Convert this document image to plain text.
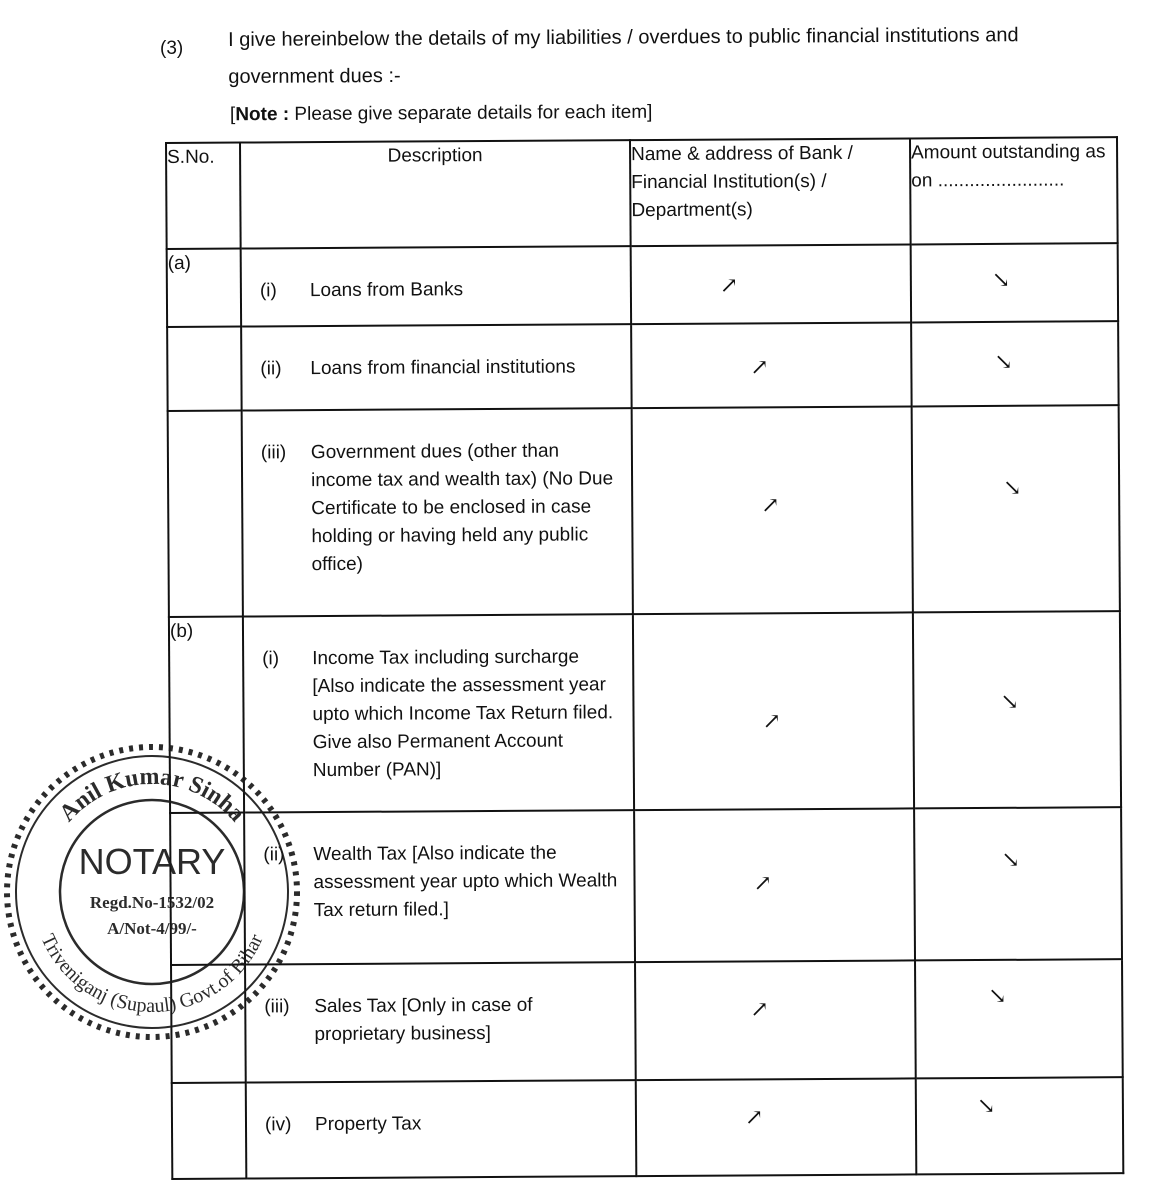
(3) I give hereinbelow the details of my liabilities / overdues to public financial institutions and government dues :-
[Note : Please give separate details for each item]
S.No.	Description	Name & address of Bank / Financial Institution(s) / Department(s)	Amount outstanding as on ........................
(a)	(i) Loans from Banks	↗	↘

	(ii) Loans from financial institutions	↗	↘

	(iii) Government dues (other than income tax and wealth tax) (No Due Certificate to be enclosed in case holding or having held any public office)	↗	↘

(b)	(i) Income Tax including surcharge [Also indicate the assessment year upto which Income Tax Return filed. Give also Permanent Account Number (PAN)]	↗	↘

	(ii) Wealth Tax [Also indicate the assessment year upto which Wealth Tax return filed.]	↗	↘

	(iii) Sales Tax [Only in case of proprietary business]	↗	↘

	(iv) Property Tax	↗	↘
Anil Kumar Sinha
Triveniganj (Supaul) Govt.of Bihar
NOTARY
Regd.No-1532/02
A/Not-4/99/-
